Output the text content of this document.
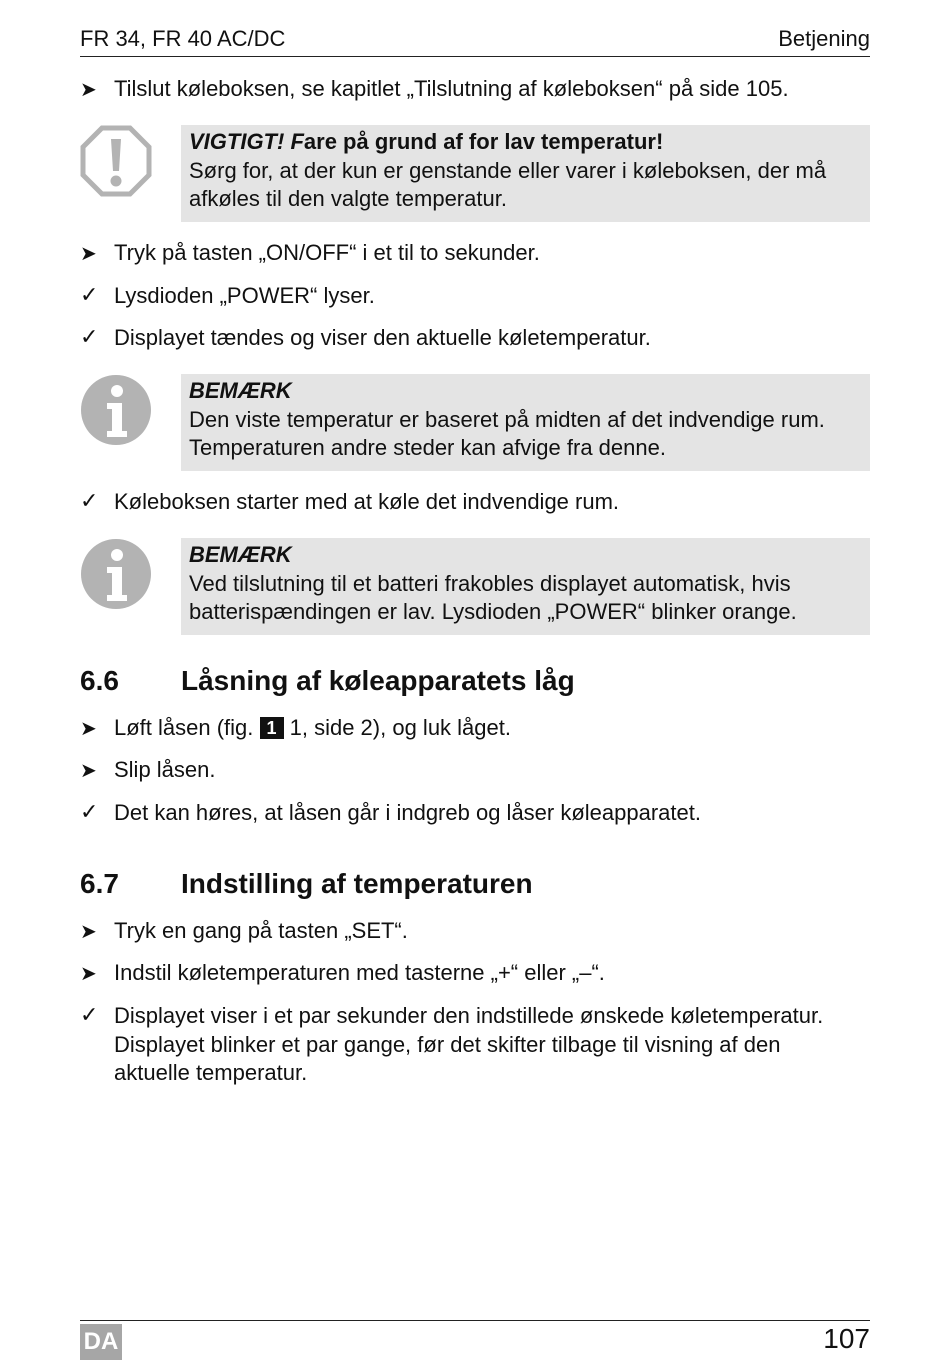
FR 34, FR 40 AC/DC	Betjening
➤ Tilslut køleboksen, se kapitlet „Tilslutning af køleboksen“ på side 105.
VIGTIGT! Fare på grund af for lav temperatur!
Sørg for, at der kun er genstande eller varer i køleboksen, der må
afkøles til den valgte temperatur.
➤ Tryk på tasten „ON/OFF“ i et til to sekunder.
✓ Lysdioden „POWER“ lyser.
✓ Displayet tændes og viser den aktuelle køletemperatur.
BEMÆRK
Den viste temperatur er baseret på midten af det indvendige rum.
Temperaturen andre steder kan afvige fra denne.
✓ Køleboksen starter med at køle det indvendige rum.
BEMÆRK
Ved tilslutning til et batteri frakobles displayet automatisk, hvis
batterispændingen er lav. Lysdioden „POWER“ blinker orange.
6.6 Låsning af køleapparatets låg
➤ Løft låsen (fig. 1 1, side 2), og luk låget.
➤ Slip låsen.
✓ Det kan høres, at låsen går i indgreb og låser køleapparatet.
6.7 Indstilling af temperaturen
➤ Tryk en gang på tasten „SET“.
➤ Indstil køletemperaturen med tasterne „+“ eller „–“.
✓ Displayet viser i et par sekunder den indstillede ønskede køletemperatur.
Displayet blinker et par gange, før det skifter tilbage til visning af den
aktuelle temperatur.
DA	107
